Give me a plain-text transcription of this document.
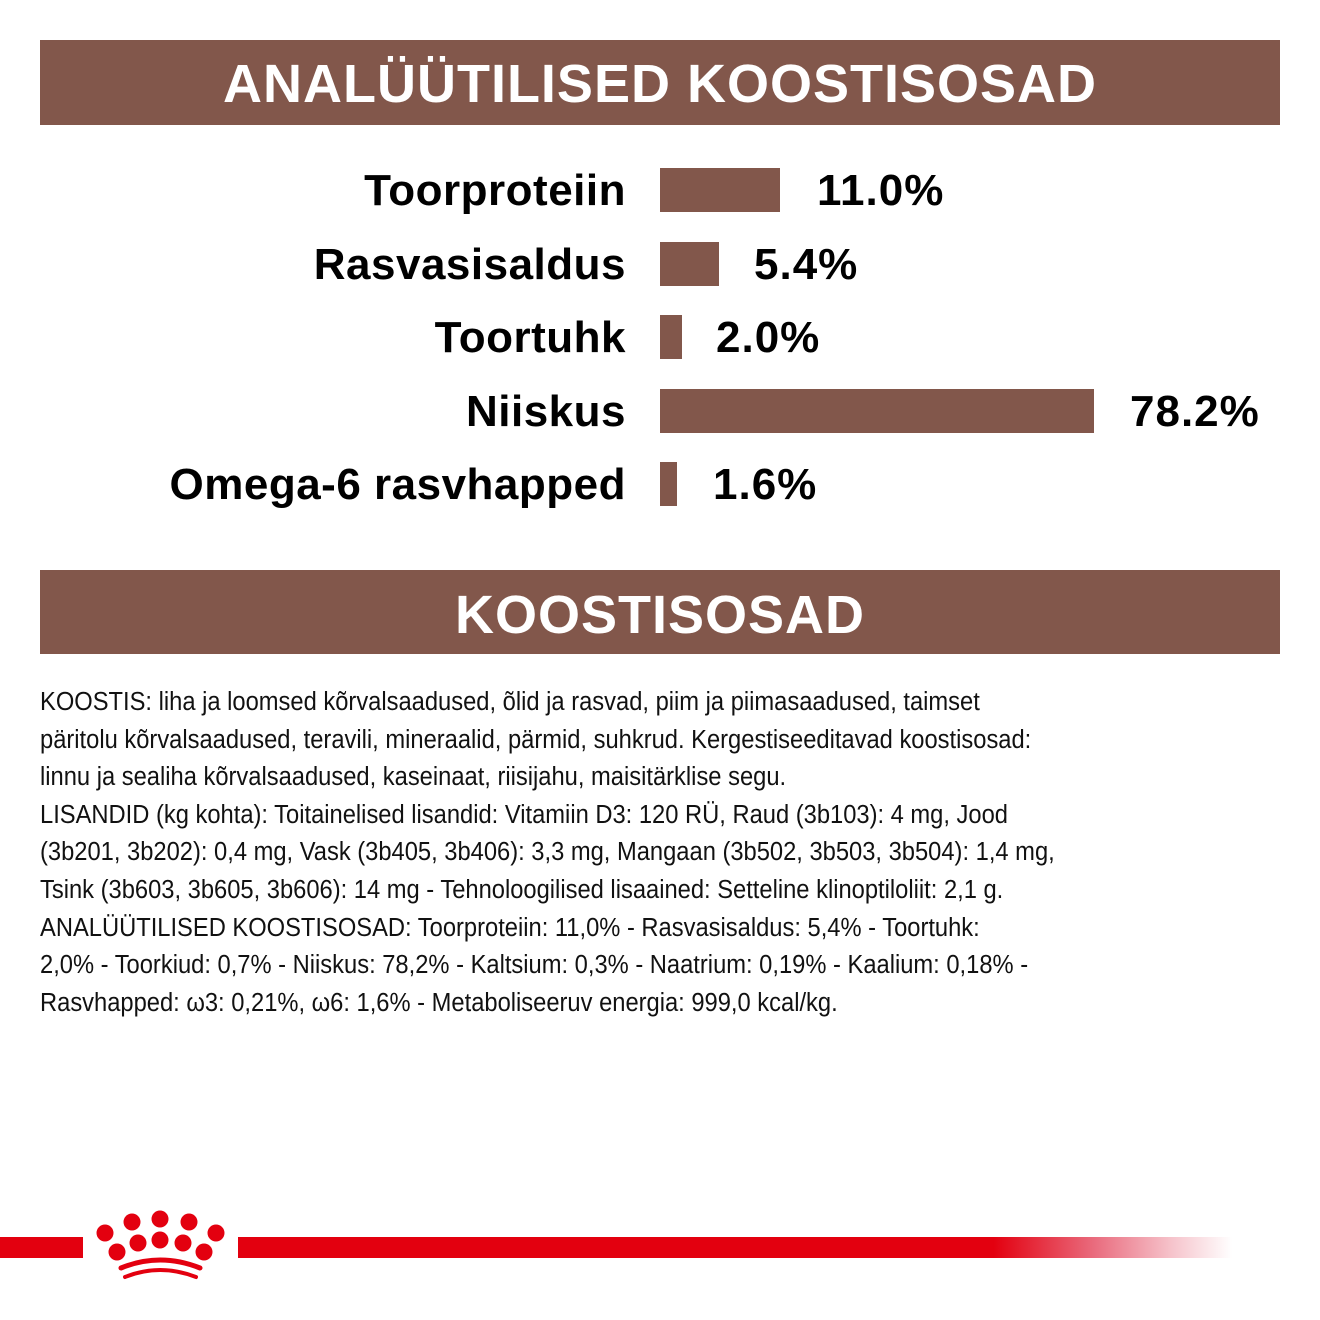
ANALÜÜTILISED KOOSTISOSAD
Toorproteiin	11.0%
Rasvasisaldus	5.4%
Toortuhk 2.0%
Niiskus	78.2%
Omega-6 rasvhapped 1.6%
KOOSTISOSAD

KOOSTIS: liha ja loomsed kõrvalsaadused, õlid ja rasvad, piim ja piimasaadused, taimset

päritolu kõrvalsaadused, teravili, mineraalid, pärmid, suhkrud. Kergestiseeditavad koostisosad:

linnu ja sealiha kõrvalsaadused, kaseinaat, riisijahu, maisitärklise segu.

LISANDID (kg kohta): Toitainelised lisandid: Vitamiin D3: 120 RÜ, Raud (3b103): 4 mg, Jood

(3b201, 3b202): 0,4 mg, Vask (3b405, 3b406): 3,3 mg, Mangaan (3b502, 3b503, 3b504): 1,4 mg,

Tsink (3b603, 3b605, 3b606): 14 mg - Tehnoloogilised lisaained: Setteline klinoptiloliit: 2,1 g.

ANALÜÜTILISED KOOSTISOSAD: Toorproteiin: 11,0% - Rasvasisaldus: 5,4% - Toortuhk:

2,0% - Toorkiud: 0,7% - Niiskus: 78,2% - Kaltsium: 0,3% - Naatrium: 0,19% - Kaalium: 0,18% -

Rasvhapped: ω3: 0,21%, ω6: 1,6% - Metaboliseeruv energia: 999,0 kcal/kg.
